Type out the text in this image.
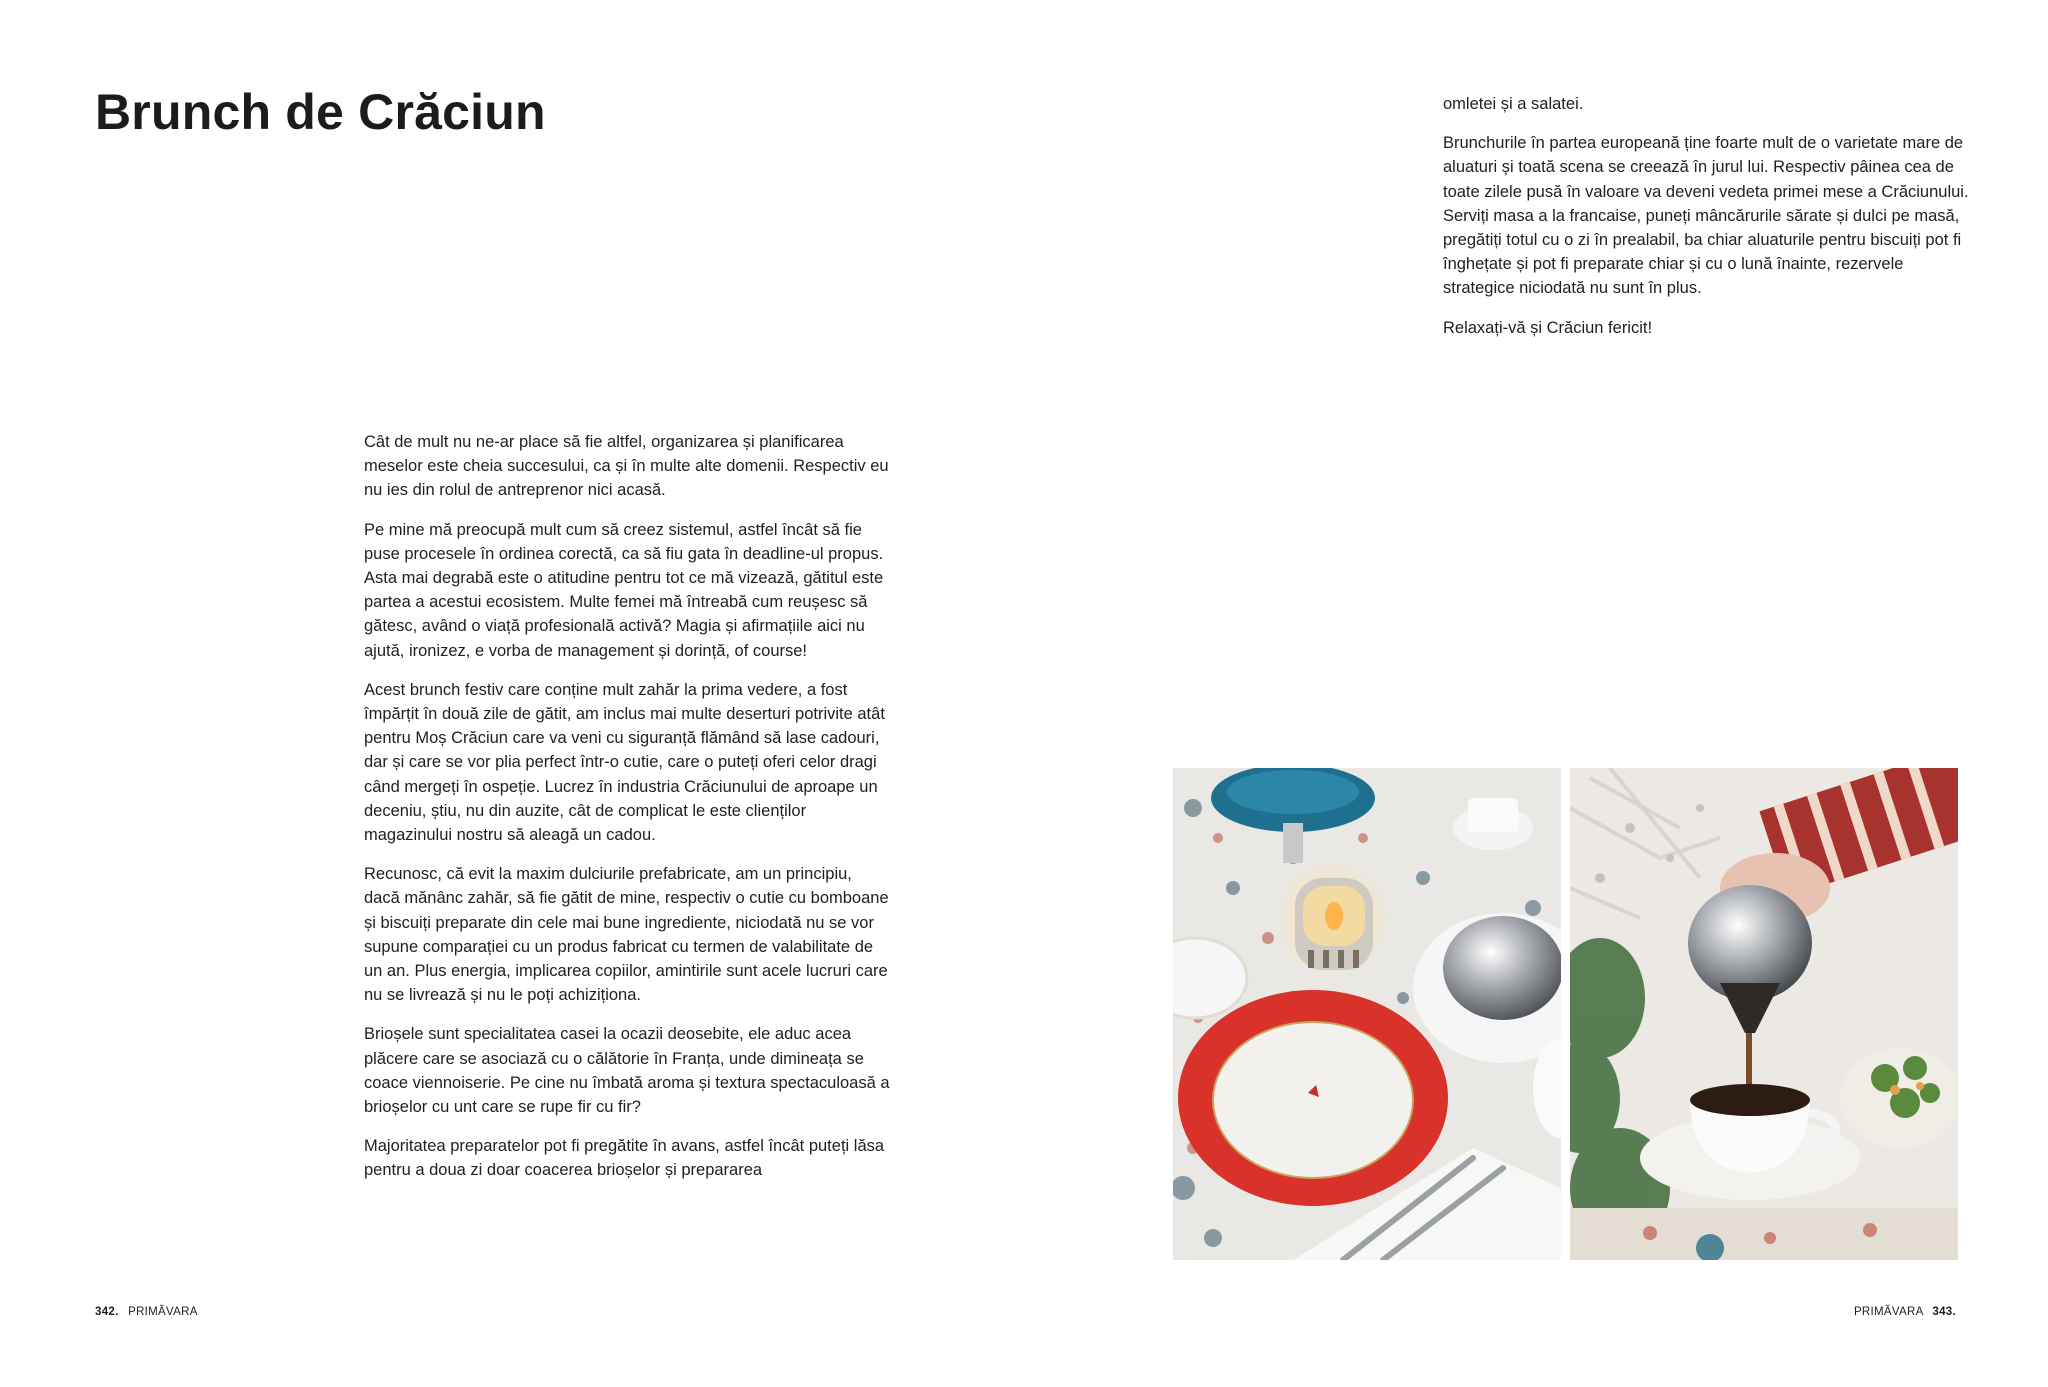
Brunch de Crăciun

Cât de mult nu ne-ar place să fie altfel, organizarea și planificarea meselor este cheia succesului, ca și în multe alte domenii. Respectiv eu nu ies din rolul de antreprenor nici acasă.

Pe mine mă preocupă mult cum să creez sistemul, astfel încât să fie puse procesele în ordinea corectă, ca să fiu gata în deadline-ul propus. Asta mai degrabă este o atitudine pentru tot ce mă vizează, gătitul este partea a acestui ecosistem. Multe femei mă întreabă cum reușesc să gătesc, având o viață profesională activă? Magia și afirmațiile aici nu ajută, ironizez, e vorba de management și dorință, of course!

Acest brunch festiv care conține mult zahăr la prima vedere, a fost împărțit în două zile de gătit, am inclus mai multe deserturi potrivite atât pentru Moș Crăciun care va veni cu siguranță flămând să lase cadouri, dar și care se vor plia perfect într-o cutie, care o puteți oferi celor dragi când mergeți în ospeție. Lucrez în industria Crăciunului de aproape un deceniu, știu, nu din auzite, cât de complicat le este clienților magazinului nostru să aleagă un cadou.

Recunosc, că evit la maxim dulciurile prefabricate, am un principiu, dacă mănânc zahăr, să fie gătit de mine, respectiv o cutie cu bomboane și biscuiți preparate din cele mai bune ingrediente, niciodată nu se vor supune comparației cu un produs fabricat cu termen de valabilitate de un an. Plus energia, implicarea copiilor, amintirile sunt acele lucruri care nu se livrează și nu le poți achiziționa.

Brioșele sunt specialitatea casei la ocazii deosebite, ele aduc acea plăcere care se asociază cu o călătorie în Franța, unde dimineața se coace viennoiserie. Pe cine nu îmbată aroma și textura spectaculoasă a brioșelor cu unt care se rupe fir cu fir?

Majoritatea preparatelor pot fi pregătite în avans, astfel încât puteți lăsa pentru a doua zi doar coacerea brioșelor și prepararea

342. PRIMĂVARA

omletei și a salatei.

Brunchurile în partea europeană ține foarte mult de o varietate mare de aluaturi și toată scena se creează în jurul lui. Respectiv pâinea cea de toate zilele pusă în valoare va deveni vedeta primei mese a Crăciunului. Serviți masa a la francaise, puneți mâncărurile sărate și dulci pe masă, pregătiți totul cu o zi în prealabil, ba chiar aluaturile pentru biscuiți pot fi înghețate și pot fi preparate chiar și cu o lună înainte, rezervele strategice niciodată nu sunt în plus.

Relaxați-vă și Crăciun fericit!

PRIMĂVARA 343.
